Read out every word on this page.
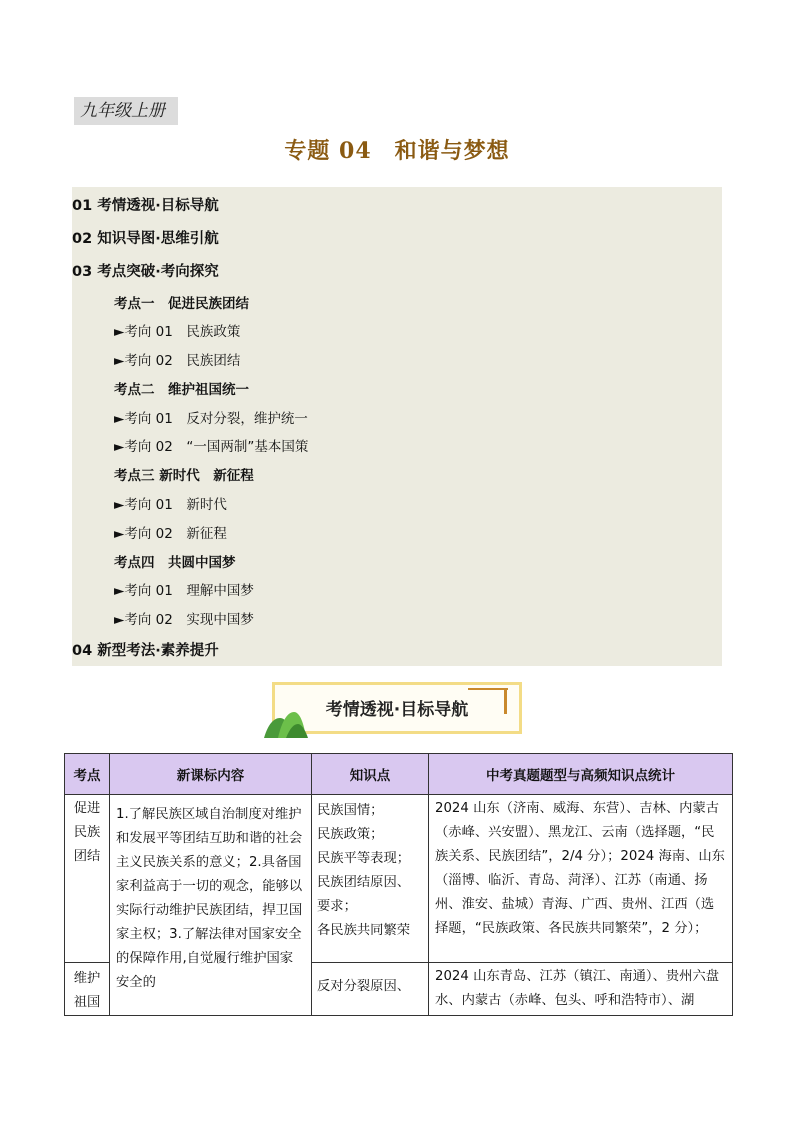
九年级上册
专题 04　和谐与梦想
01 考情透视·目标导航
02 知识导图·思维引航
03 考点突破·考向探究
考点一　促进民族团结
►考向 01　民族政策
►考向 02　民族团结
考点二　维护祖国统一
►考向 01　反对分裂，维护统一
►考向 02　“一国两制”基本国策
考点三 新时代　新征程
►考向 01　新时代
►考向 02　新征程
考点四　共圆中国梦
►考向 01　理解中国梦
►考向 02　实现中国梦
04 新型考法·素养提升
考情透视·目标导航
考点	新课标内容	知识点	中考真题题型与高频知识点统计
促进民族团结	1.了解民族区域自治制度对维护和发展平等团结互助和谐的社会主义民族关系的意义；2.具备国家利益高于一切的观念，能够以实际行动维护民族团结，捍卫国家主权；3.了解法律对国家安全的保障作用,自觉履行维护国家安全的	民族国情；
民族政策；
民族平等表现；
民族团结原因、要求；
各民族共同繁荣	2024 山东（济南、威海、东营）、吉林、内蒙古（赤峰、兴安盟）、黑龙江、云南（选择题，“民族关系、民族团结”，2/4 分）；2024 海南、山东（淄博、临沂、青岛、菏泽）、江苏（南通、扬州、淮安、盐城）青海、广西、贵州、江西（选择题，“民族政策、各民族共同繁荣”，2 分）；

维护祖国		反对分裂原因、	2024 山东青岛、江苏（镇江、南通）、贵州六盘水、内蒙古（赤峰、包头、呼和浩特市）、湖
